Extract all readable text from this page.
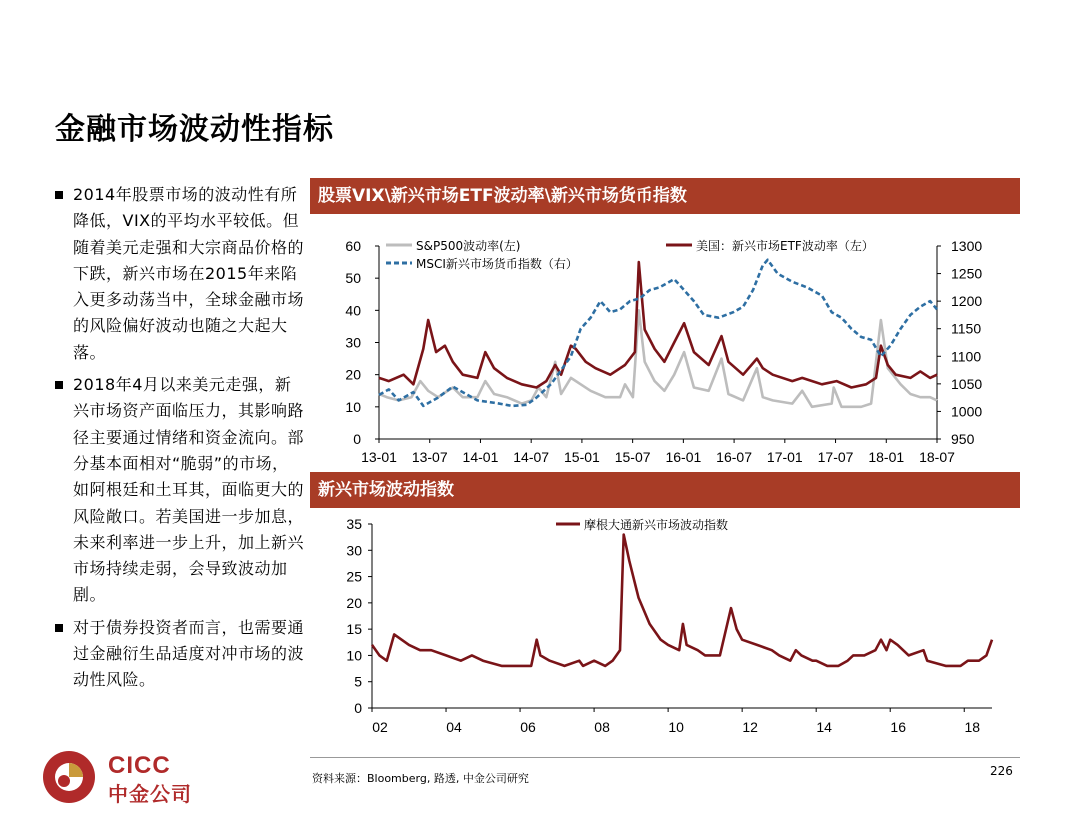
金融市场波动性指标
2014年股票市场的波动性有所降低，VIX的平均水平较低。但随着美元走强和大宗商品价格的下跌，新兴市场在2015年来陷入更多动荡当中，全球金融市场的风险偏好波动也随之大起大落。
2018年4月以来美元走强，新兴市场资产面临压力，其影响路径主要通过情绪和资金流向。部分基本面相对“脆弱”的市场，如阿根廷和土耳其，面临更大的风险敞口。若美国进一步加息，未来利率进一步上升，加上新兴市场持续走弱，会导致波动加剧。
对于债券投资者而言，也需要通过金融衍生品适度对冲市场的波动性风险。
股票VIX\新兴市场ETF波动率\新兴市场货币指数
新兴市场波动指数
0
10
20
30
40
50
60
950
1000
1050
1100
1150
1200
1250
1300
13-01 13-07 14-01 14-07 15-01 15-07 16-01 16-07 17-01 17-07 18-01 18-07
S&P500波动率(左)
MSCI新兴市场货币指数（右）
美国：新兴市场ETF波动率（左）
0
5
10
15
20
25
30
35
02	04	06	08	10	12	14	16	18
摩根大通新兴市场波动指数
资料来源：Bloomberg, 路透, 中金公司研究
226
CICC
中金公司
